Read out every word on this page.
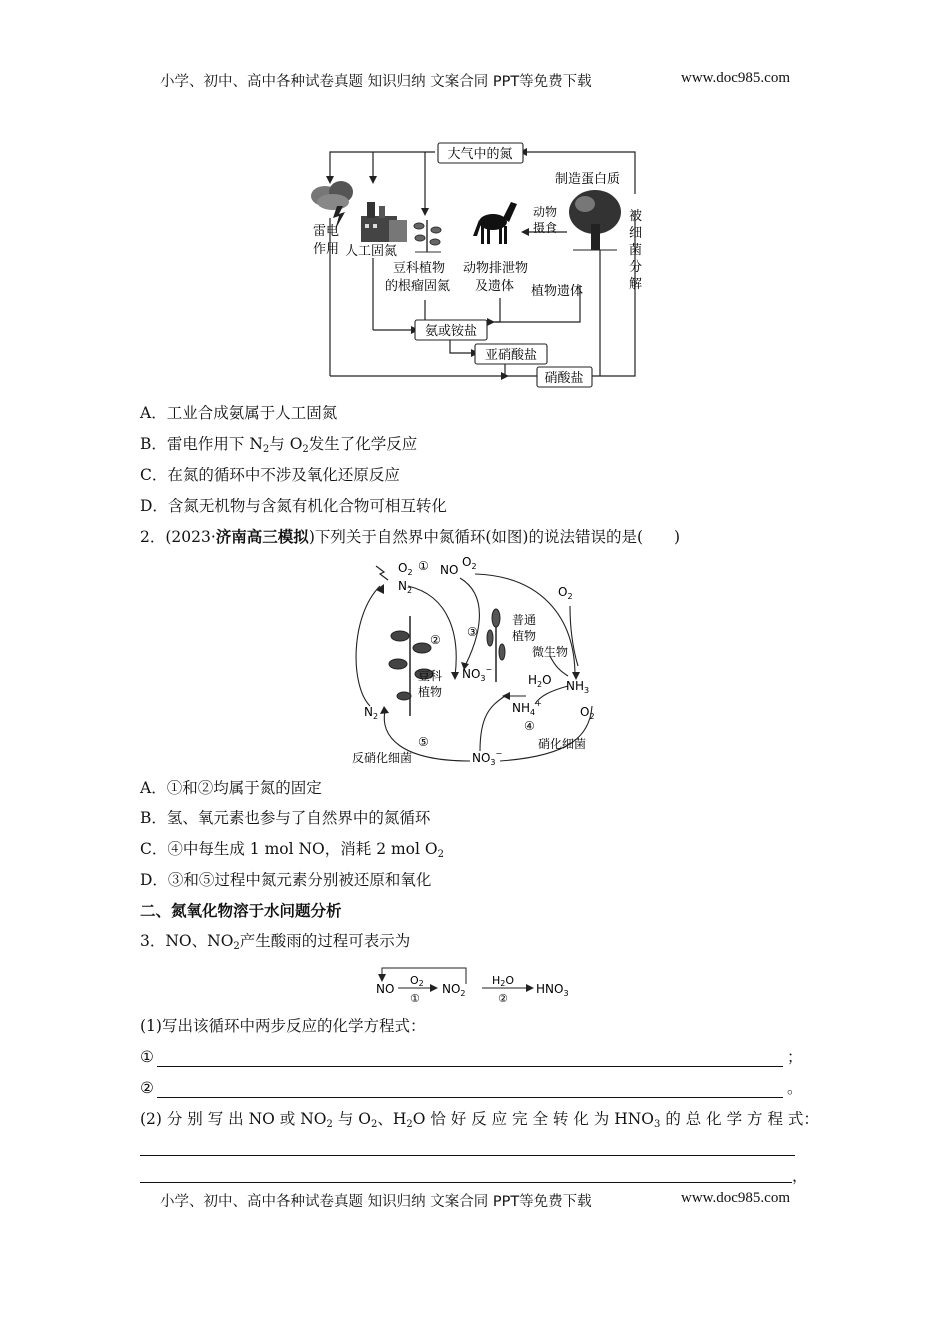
小学、初中、高中各种试卷真题 知识归纳 文案合同 PPT等免费下载	www.doc985.com
大气中的氮
氨或铵盐
亚硝酸盐
硝酸盐
雷电
作用 人工固氮
豆科植物
的根瘤固氮
动物
摄食
动物排泄物
及遗体
制造蛋白质
植物遗体
被
细
菌
分
解
A．工业合成氨属于人工固氮
B．雷电作用下 $N_2$与 $O_2$发生了化学反应
C．在氮的循环中不涉及氧化还原反应
D．含氮无机物与含氮有机化合物可相互转化
2．(2023·济南高三模拟)下列关于自然界中氮循环(如图)的说法错误的是(　　)
$O_2$ ① NO
$O_2$
$N_2$
②
③
$O_2$
豆科
植物
普通
植物
微生物
$NO_3^-$
$H_2O$ $NH_3$
$NH_4^+$
$O_2$
④
$N_2$
硝化细菌
⑤
反硝化细菌	$NO_3^-$
A．①和②均属于氮的固定
B．氢、氧元素也参与了自然界中的氮循环
C．④中每生成 1 mol NO，消耗 2 mol $O_2$
D．③和⑤过程中氮元素分别被还原和氧化
二、氮氧化物溶于水问题分析
3．NO、$NO_2$产生酸雨的过程可表示为
NO
O2
①
$NO_2$
H2O
②
$HNO_3$
(1)写出该循环中两步反应的化学方程式：
①	；
②	。
(2) 分 别 写 出 NO 或 $NO_2$ 与 $O_2$、$H_2O$ 恰 好 反 应 完 全 转 化 为 $HNO_3$ 的 总 化 学 方 程 式：
，
小学、初中、高中各种试卷真题 知识归纳 文案合同 PPT等免费下载	www.doc985.com
